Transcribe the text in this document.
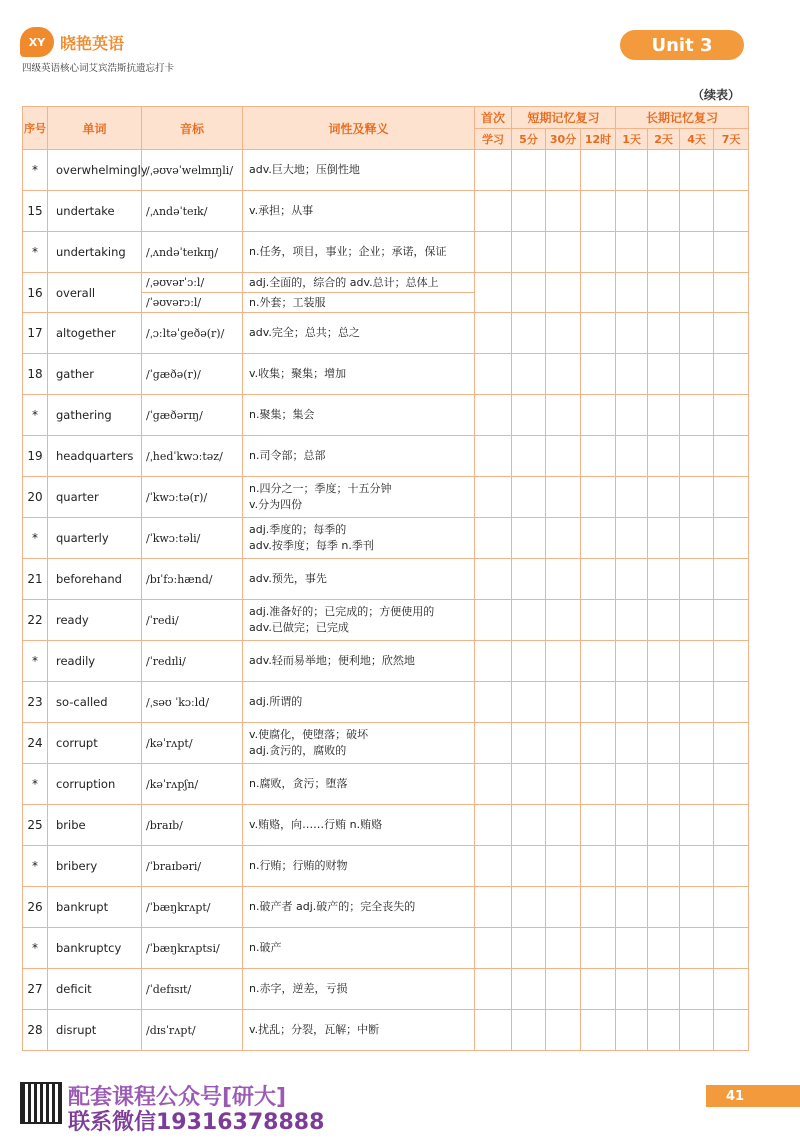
XY 晓艳英语
四级英语核心词艾宾浩斯抗遗忘打卡
Unit 3
（续表）
序号	单词	音标	词性及释义	首次	短期记忆复习			长期记忆复习			
				学习	5分	30分	12时	1天	2天	4天	7天
*	overwhelmingly	/ˌəʊvəˈwelmɪŋli/	adv.巨大地；压倒性地								

15	undertake	/ˌʌndəˈteɪk/	v.承担；从事								

*	undertaking	/ˌʌndəˈteɪkɪŋ/	n.任务，项目，事业；企业；承诺，保证								

16	overall	/ˌəʊvərˈɔːl/	adj.全面的，综合的 adv.总计；总体上								

		/ˈəʊvərɔːl/	n.外套；工装服								

17	altogether	/ˌɔːltəˈgeðə(r)/	adv.完全；总共；总之								

18	gather	/ˈgæðə(r)/	v.收集；聚集；增加								

*	gathering	/ˈgæðərɪŋ/	n.聚集；集会								

19	headquarters	/ˌhedˈkwɔːtəz/	n.司令部；总部								

20	quarter	/ˈkwɔːtə(r)/	n.四分之一；季度；十五分钟
v.分为四份								

*	quarterly	/ˈkwɔːtəli/	adj.季度的；每季的
adv.按季度；每季 n.季刊								

21	beforehand	/bɪˈfɔːhænd/	adv.预先，事先								

22	ready	/ˈredi/	adj.准备好的；已完成的；方便使用的
adv.已做完；已完成								

*	readily	/ˈredɪli/	adv.轻而易举地；便利地；欣然地								

23	so-called	/ˌsəʊ ˈkɔːld/	adj.所谓的								

24	corrupt	/kəˈrʌpt/	v.使腐化，使堕落；破坏
adj.贪污的，腐败的								

*	corruption	/kəˈrʌpʃn/	n.腐败，贪污；堕落								

25	bribe	/braɪb/	v.贿赂，向……行贿 n.贿赂								

*	bribery	/ˈbraɪbəri/	n.行贿；行贿的财物								

26	bankrupt	/ˈbæŋkrʌpt/	n.破产者 adj.破产的；完全丧失的								

*	bankruptcy	/ˈbæŋkrʌptsi/	n.破产								

27	deficit	/ˈdefɪsɪt/	n.赤字，逆差，亏损								

28	disrupt	/dɪsˈrʌpt/	v.扰乱；分裂，瓦解；中断								

配套课程公众号[研大]
联系微信19316378888
41
